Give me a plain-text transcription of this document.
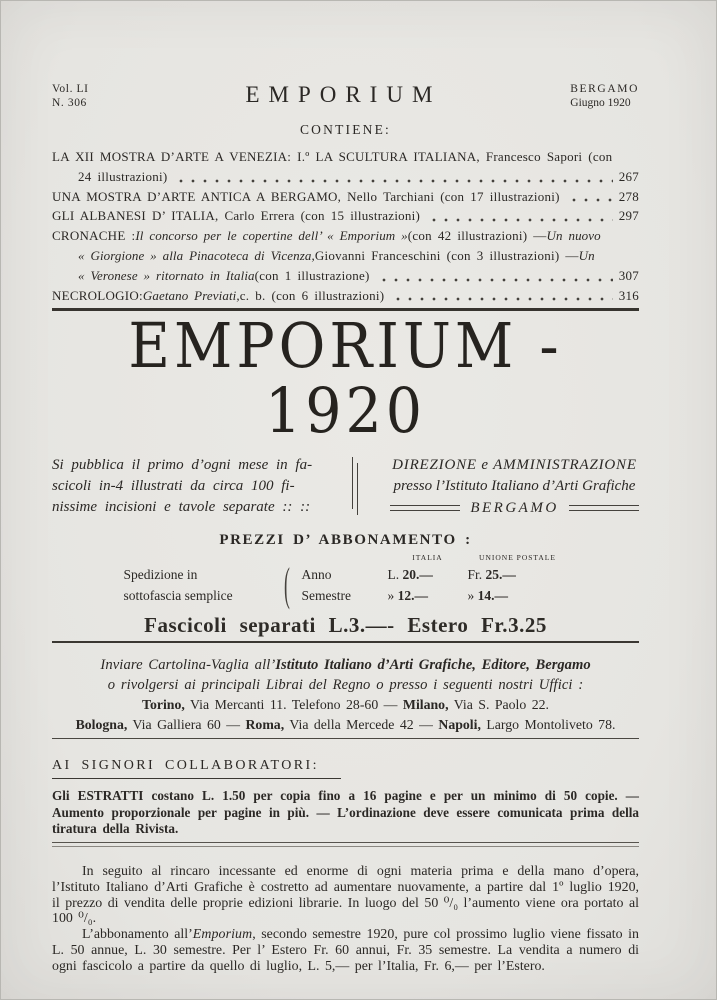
Vol. LI
N. 306	EMPORIUM	BERGAMO
Giugno 1920
CONTIENE:
LA XII MOSTRA D’ARTE A VENEZIA: I.º LA SCULTURA ITALIANA, Francesco Sapori (con
24 illustrazioni)	267
UNA MOSTRA D’ARTE ANTICA A BERGAMO, Nello Tarchiani (con 17 illustrazioni)	278
GLI ALBANESI D’ ITALIA, Carlo Errera (con 15 illustrazioni)	297
CRONACHE : Il concorso per le copertine dell’ « Emporium » (con 42 illustrazioni) — Un nuovo
« Giorgione » alla Pinacoteca di Vicenza, Giovanni Franceschini (con 3 illustrazioni) — Un
« Veronese » ritornato in Italia (con 1 illustrazione)	307
NECROLOGIO: Gaetano Previati, c. b. (con 6 illustrazioni)	316
EMPORIUM - 1920
Si pubblica il primo d’ogni mese in fa-
scicoli in-4 illustrati da circa 100 fi-
nissime incisioni e tavole separate :: ::
DIREZIONE e AMMINISTRAZIONE
presso l’Istituto Italiano d’Arti Grafiche
BERGAMO
PREZZI D’ ABBONAMENTO :
ITALIA	UNIONE POSTALE
Spedizione in	( Anno	L. 20.—	Fr. 25.—
sottofascia semplice	Semestre	» 12.—	» 14.—
Fascicoli separati L. 3.— - Estero Fr. 3.25
Inviare Cartolina-Vaglia all’Istituto Italiano d’Arti Grafiche, Editore, Bergamo
o rivolgersi ai principali Librai del Regno o presso i seguenti nostri Uffici :
Torino, Via Mercanti 11. Telefono 28-60 — Milano, Via S. Paolo 22.
Bologna, Via Galliera 60 — Roma, Via della Mercede 42 — Napoli, Largo Montoliveto 78.
AI SIGNORI COLLABORATORI:
Gli ESTRATTI costano L. 1.50 per copia fino a 16 pagine e per un minimo di 50 copie. — Aumento proporzionale per pagine in più. — L’ordinazione deve essere comunicata prima della tiratura della Rivista.

In seguito al rincaro incessante ed enorme di ogni materia prima e della mano d’opera, l’Istituto Italiano d’Arti Grafiche è costretto ad aumentare nuovamente, a partire dal 1º luglio 1920, il prezzo di vendita delle proprie edizioni librarie. In luogo del 50 ⁰/₀ l’aumento viene ora portato al 100 ⁰/₀.

L’abbonamento all’Emporium, secondo semestre 1920, pure col prossimo luglio viene fissato in L. 50 annue, L. 30 semestre. Per l’ Estero Fr. 60 annui, Fr. 35 semestre. La vendita a numero di ogni fascicolo a partire da quello di luglio, L. 5,— per l’Italia, Fr. 6,— per l’Estero.
